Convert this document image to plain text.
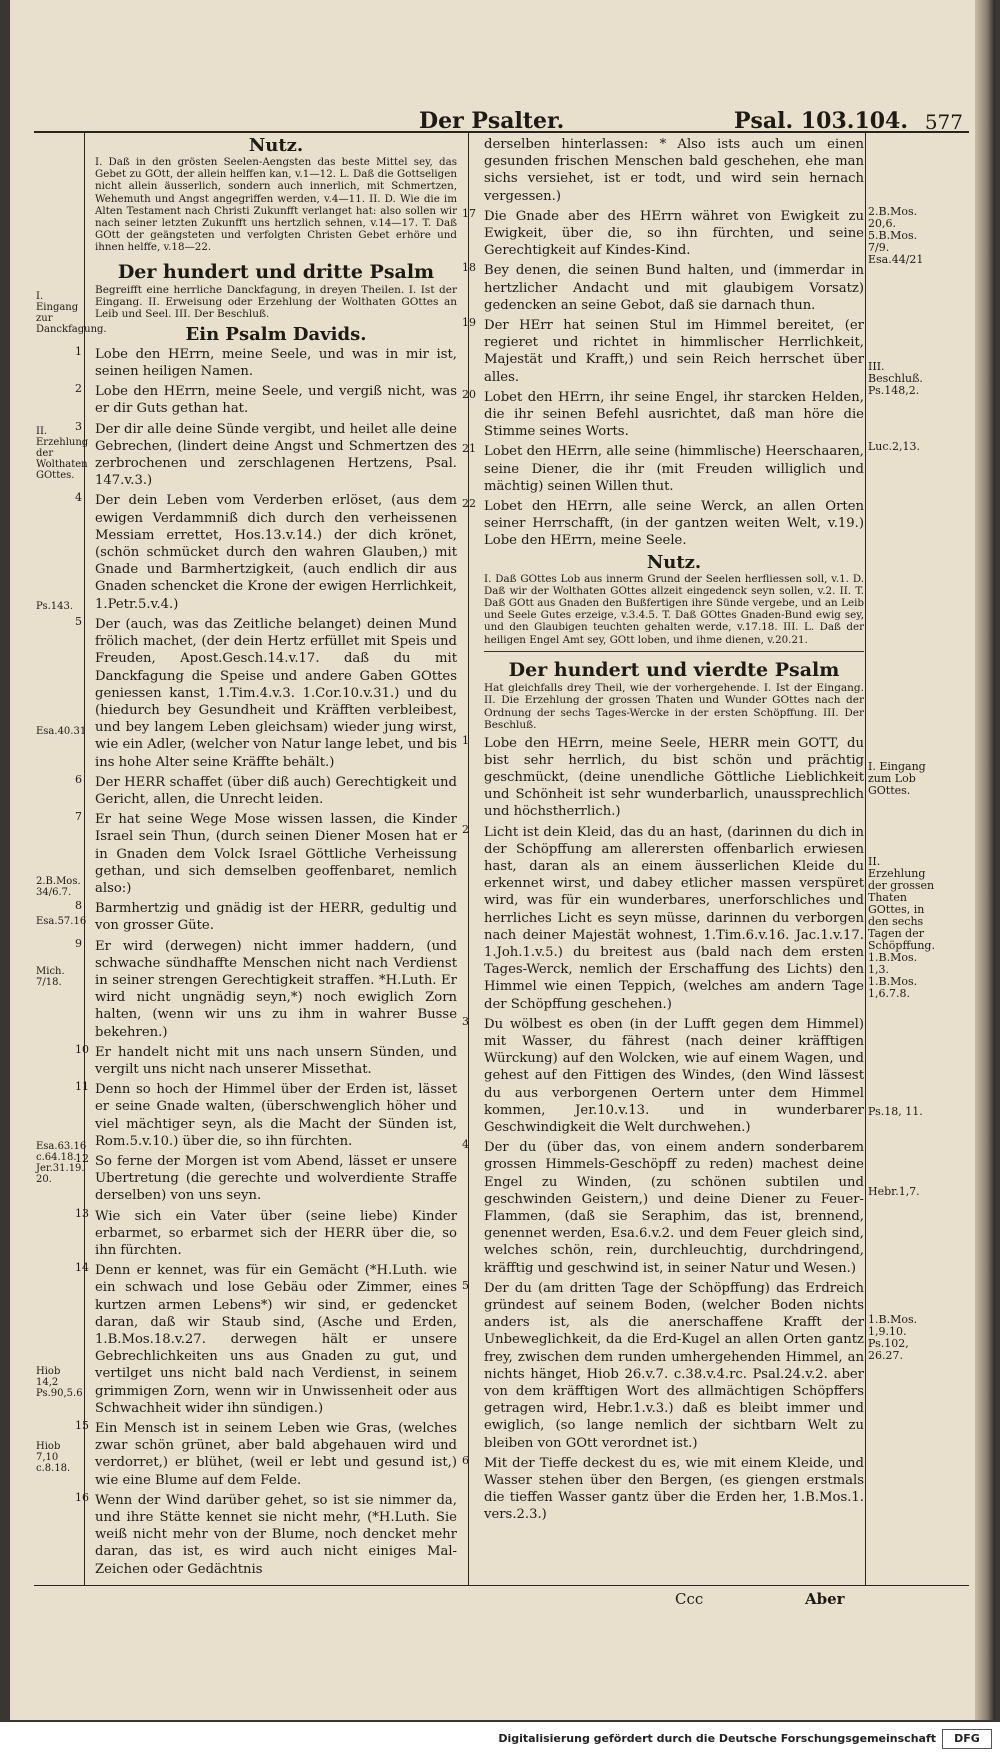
Der Psalter.	Psal. 103.104. 577
I. Eingang zur Danckfagung.
II. Erzehlung der Wolthaten GOttes.
Ps.143.
Esa.40.31
2.B.Mos. 34/6.7.
Esa.57.16
Mich. 7/18.
Esa.63.16 c.64.18. Jer.31.19. 20.
Hiob 14,2 Ps.90,5.6
Hiob 7,10 c.8.18.
Nutz.

I. Daß in den grösten Seelen-Aengsten das beste Mittel sey, das Gebet zu GOtt, der allein helffen kan, v.1—12. L. Daß die Gottseligen nicht allein äusserlich, sondern auch innerlich, mit Schmertzen, Wehemuth und Angst angegriffen werden, v.4—11. II. D. Wie die im Alten Testament nach Christi Zukunfft verlanget hat: also sollen wir nach seiner letzten Zukunfft uns hertzlich sehnen, v.14—17. T. Daß GOtt der geängsteten und verfolgten Christen Gebet erhöre und ihnen helffe, v.18—22.

Der hundert und dritte Psalm

Begreifft eine herrliche Danckfagung, in dreyen Theilen. I. Ist der Eingang. II. Erweisung oder Erzehlung der Wolthaten GOttes an Leib und Seel. III. Der Beschluß.

Ein Psalm Davids.

1 Lobe den HErrn, meine Seele, und was in mir ist, seinen heiligen Namen.

2 Lobe den HErrn, meine Seele, und vergiß nicht, was er dir Guts gethan hat.

3 Der dir alle deine Sünde vergibt, und heilet alle deine Gebrechen, (lindert deine Angst und Schmertzen des zerbrochenen und zerschlagenen Hertzens, Psal. 147.v.3.)

4 Der dein Leben vom Verderben erlöset, (aus dem ewigen Verdammniß dich durch den verheissenen Messiam errettet, Hos.13.v.14.) der dich krönet, (schön schmücket durch den wahren Glauben,) mit Gnade und Barmhertzigkeit, (auch endlich dir aus Gnaden schencket die Krone der ewigen Herrlichkeit, 1.Petr.5.v.4.)

5 Der (auch, was das Zeitliche belanget) deinen Mund frölich machet, (der dein Hertz erfüllet mit Speis und Freuden, Apost.Gesch.14.v.17. daß du mit Danckfagung die Speise und andere Gaben GOttes geniessen kanst, 1.Tim.4.v.3. 1.Cor.10.v.31.) und du (hiedurch bey Gesundheit und Kräfften verbleibest, und bey langem Leben gleichsam) wieder jung wirst, wie ein Adler, (welcher von Natur lange lebet, und bis ins hohe Alter seine Kräffte behält.)

6 Der HERR schaffet (über diß auch) Gerechtigkeit und Gericht, allen, die Unrecht leiden.

7 Er hat seine Wege Mose wissen lassen, die Kinder Israel sein Thun, (durch seinen Diener Mosen hat er in Gnaden dem Volck Israel Göttliche Verheissung gethan, und sich demselben geoffenbaret, nemlich also:)

8 Barmhertzig und gnädig ist der HERR, gedultig und von grosser Güte.

9 Er wird (derwegen) nicht immer haddern, (und schwache sündhaffte Menschen nicht nach Verdienst in seiner strengen Gerechtigkeit straffen. *H.Luth. Er wird nicht ungnädig seyn,*) noch ewiglich Zorn halten, (wenn wir uns zu ihm in wahrer Busse bekehren.)

10 Er handelt nicht mit uns nach unsern Sünden, und vergilt uns nicht nach unserer Missethat.

11 Denn so hoch der Himmel über der Erden ist, lässet er seine Gnade walten, (überschwenglich höher und viel mächtiger seyn, als die Macht der Sünden ist, Rom.5.v.10.) über die, so ihn fürchten.

12 So ferne der Morgen ist vom Abend, lässet er unsere Ubertretung (die gerechte und wolverdiente Straffe derselben) von uns seyn.

13 Wie sich ein Vater über (seine liebe) Kinder erbarmet, so erbarmet sich der HERR über die, so ihn fürchten.

14 Denn er kennet, was für ein Gemächt (*H.Luth. wie ein schwach und lose Gebäu oder Zimmer, eines kurtzen armen Lebens*) wir sind, er gedencket daran, daß wir Staub sind, (Asche und Erden, 1.B.Mos.18.v.27. derwegen hält er unsere Gebrechlichkeiten uns aus Gnaden zu gut, und vertilget uns nicht bald nach Verdienst, in seinem grimmigen Zorn, wenn wir in Unwissenheit oder aus Schwachheit wider ihn sündigen.)

15 Ein Mensch ist in seinem Leben wie Gras, (welches zwar schön grünet, aber bald abgehauen wird und verdorret,) er blühet, (weil er lebt und gesund ist,) wie eine Blume auf dem Felde.

16 Wenn der Wind darüber gehet, so ist sie nimmer da, und ihre Stätte kennet sie nicht mehr, (*H.Luth. Sie weiß nicht mehr von der Blume, noch dencket mehr daran, das ist, es wird auch nicht einiges Mal-Zeichen oder Gedächtnis

derselben hinterlassen: * Also ists auch um einen gesunden frischen Menschen bald geschehen, ehe man sichs versiehet, ist er todt, und wird sein hernach vergessen.)

17 Die Gnade aber des HErrn währet von Ewigkeit zu Ewigkeit, über die, so ihn fürchten, und seine Gerechtigkeit auf Kindes-Kind.

18 Bey denen, die seinen Bund halten, und (immerdar in hertzlicher Andacht und mit glaubigem Vorsatz) gedencken an seine Gebot, daß sie darnach thun.

19 Der HErr hat seinen Stul im Himmel bereitet, (er regieret und richtet in himmlischer Herrlichkeit, Majestät und Krafft,) und sein Reich herrschet über alles.

20 Lobet den HErrn, ihr seine Engel, ihr starcken Helden, die ihr seinen Befehl ausrichtet, daß man höre die Stimme seines Worts.

21 Lobet den HErrn, alle seine (himmlische) Heerschaaren, seine Diener, die ihr (mit Freuden williglich und mächtig) seinen Willen thut.

22 Lobet den HErrn, alle seine Werck, an allen Orten seiner Herrschafft, (in der gantzen weiten Welt, v.19.) Lobe den HErrn, meine Seele.

Nutz.

I. Daß GOttes Lob aus innerm Grund der Seelen herfliessen soll, v.1. D. Daß wir der Wolthaten GOttes allzeit eingedenck seyn sollen, v.2. II. T. Daß GOtt aus Gnaden den Bußfertigen ihre Sünde vergebe, und an Leib und Seele Gutes erzeige, v.3.4.5. T. Daß GOttes Gnaden-Bund ewig sey, und den Glaubigen teuchten gehalten werde, v.17.18. III. L. Daß der heiligen Engel Amt sey, GOtt loben, und ihme dienen, v.20.21.

Der hundert und vierdte Psalm

Hat gleichfalls drey Theil, wie der vorhergehende. I. Ist der Eingang. II. Die Erzehlung der grossen Thaten und Wunder GOttes nach der Ordnung der sechs Tages-Wercke in der ersten Schöpffung. III. Der Beschluß.

1 Lobe den HErrn, meine Seele, HERR mein GOTT, du bist sehr herrlich, du bist schön und prächtig geschmückt, (deine unendliche Göttliche Lieblichkeit und Schönheit ist sehr wunderbarlich, unaussprechlich und höchstherrlich.)

2 Licht ist dein Kleid, das du an hast, (darinnen du dich in der Schöpffung am allerersten offenbarlich erwiesen hast, daran als an einem äusserlichen Kleide du erkennet wirst, und dabey etlicher massen verspüret wird, was für ein wunderbares, unerforschliches und herrliches Licht es seyn müsse, darinnen du verborgen nach deiner Majestät wohnest, 1.Tim.6.v.16. Jac.1.v.17. 1.Joh.1.v.5.) du breitest aus (bald nach dem ersten Tages-Werck, nemlich der Erschaffung des Lichts) den Himmel wie einen Teppich, (welches am andern Tage der Schöpffung geschehen.)

3 Du wölbest es oben (in der Lufft gegen dem Himmel) mit Wasser, du fährest (nach deiner kräfftigen Würckung) auf den Wolcken, wie auf einem Wagen, und gehest auf den Fittigen des Windes, (den Wind lässest du aus verborgenen Oertern unter dem Himmel kommen, Jer.10.v.13. und in wunderbarer Geschwindigkeit die Welt durchwehen.)

4 Der du (über das, von einem andern sonderbarem grossen Himmels-Geschöpff zu reden) machest deine Engel zu Winden, (zu schönen subtilen und geschwinden Geistern,) und deine Diener zu Feuer-Flammen, (daß sie Seraphim, das ist, brennend, genennet werden, Esa.6.v.2. und dem Feuer gleich sind, welches schön, rein, durchleuchtig, durchdringend, kräfftig und geschwind ist, in seiner Natur und Wesen.)

5 Der du (am dritten Tage der Schöpffung) das Erdreich gründest auf seinem Boden, (welcher Boden nichts anders ist, als die anerschaffene Krafft der Unbeweglichkeit, da die Erd-Kugel an allen Orten gantz frey, zwischen dem runden umhergehenden Himmel, an nichts hänget, Hiob 26.v.7. c.38.v.4.rc. Psal.24.v.2. aber von dem kräfftigen Wort des allmächtigen Schöpffers getragen wird, Hebr.1.v.3.) daß es bleibt immer und ewiglich, (so lange nemlich der sichtbarn Welt zu bleiben von GOtt verordnet ist.)

6 Mit der Tieffe deckest du es, wie mit einem Kleide, und Wasser stehen über den Bergen, (es giengen erstmals die tieffen Wasser gantz über die Erden her, 1.B.Mos.1. vers.2.3.)

2.B.Mos. 20,6. 5.B.Mos. 7/9. Esa.44/21
III. Beschluß. Ps.148,2.
Luc.2,13.
I. Eingang zum Lob GOttes.
II. Erzehlung der grossen Thaten GOttes, in den sechs Tagen der Schöpffung. 1.B.Mos. 1,3. 1.B.Mos. 1,6.7.8.
Ps.18, 11.
Hebr.1,7.
1.B.Mos. 1,9.10. Ps.102, 26.27.
Ccc	Aber
Digitalisierung gefördert durch die Deutsche Forschungsgemeinschaft	DFG
